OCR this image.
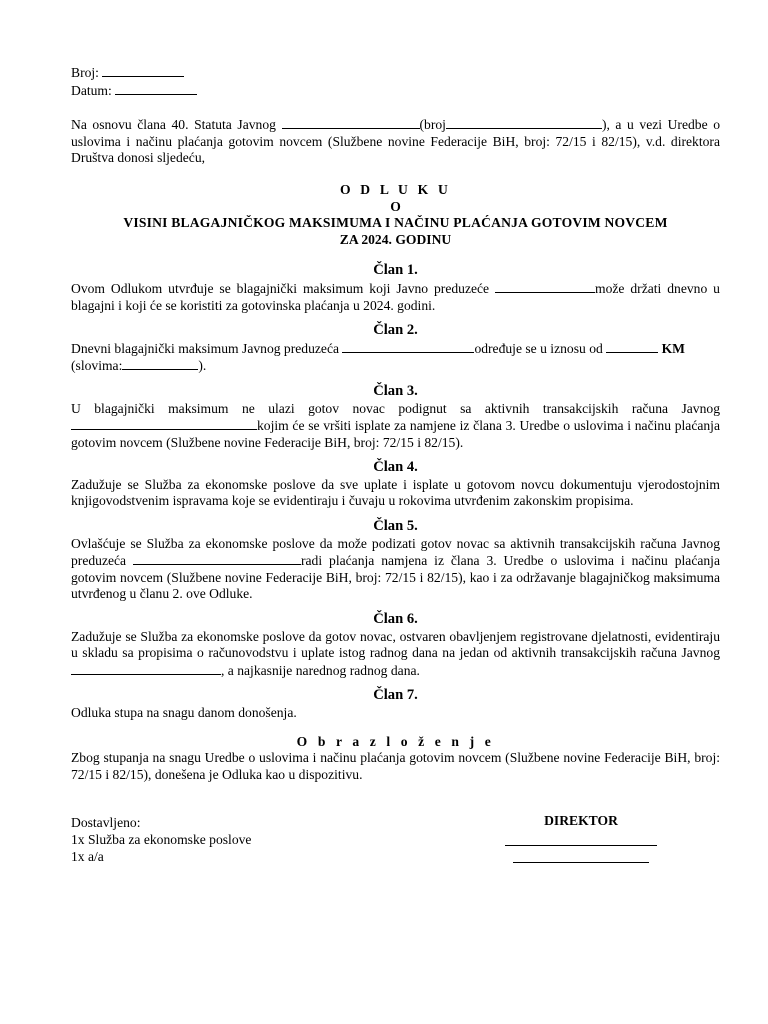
Broj:
Datum:

Na osnovu člana 40. Statuta Javnog	(broj	), a u vezi Uredbe o uslovima i načinu plaćanja gotovim novcem (Službene novine Federacije BiH, broj: 72/15 i 82/15), v.d. direktora Društva donosi sljedeću,

O D L U K U
O
VISINI BLAGAJNIČKOG MAKSIMUMA I NAČINU PLAĆANJA GOTOVIM NOVCEM
ZA 2024. GODINU
Član 1.

Ovom Odlukom utvrđuje se blagajnički maksimum koji Javno preduzeće	može držati dnevno u blagajni i koji će se koristiti za gotovinska plaćanja u 2024. godini.

Član 2.

Dnevni blagajnički maksimum Javnog preduzeća	određuje se u iznosu od	KM
(slovima:	).

Član 3.

U blagajnički maksimum ne ulazi gotov novac podignut sa aktivnih transakcijskih računa Javnog kojim će se vršiti isplate za namjene iz člana 3. Uredbe o uslovima i načinu plaćanja gotovim novcem (Službene novine Federacije BiH, broj: 72/15 i 82/15).

Član 4.

Zadužuje se Služba za ekonomske poslove da sve uplate i isplate u gotovom novcu dokumentuju vjerodostojnim knjigovodstvenim ispravama koje se evidentiraju i čuvaju u rokovima utvrđenim zakonskim propisima.

Član 5.

Ovlašćuje se Služba za ekonomske poslove da može podizati gotov novac sa aktivnih transakcijskih računa Javnog preduzeća	radi plaćanja namjena iz člana 3. Uredbe o uslovima i načinu plaćanja gotovim novcem (Službene novine Federacije BiH, broj: 72/15 i 82/15), kao i za održavanje blagajničkog maksimuma utvrđenog u članu 2. ove Odluke.

Član 6.

Zadužuje se Služba za ekonomske poslove da gotov novac, ostvaren obavljenjem registrovane djelatnosti, evidentiraju u skladu sa propisima o računovodstvu i uplate istog radnog dana na jedan od aktivnih transakcijskih računa Javnog, a najkasnije narednog radnog dana.

Član 7.

Odluka stupa na snagu danom donošenja.

O b r a z l o ž e n j e

Zbog stupanja na snagu Uredbe o uslovima i načinu plaćanja gotovim novcem (Službene novine Federacije BiH, broj: 72/15 i 82/15), donešena je Odluka kao u dispozitivu.

Dostavljeno:
1x Služba za ekonomske poslove
1x a/a
DIREKTOR
